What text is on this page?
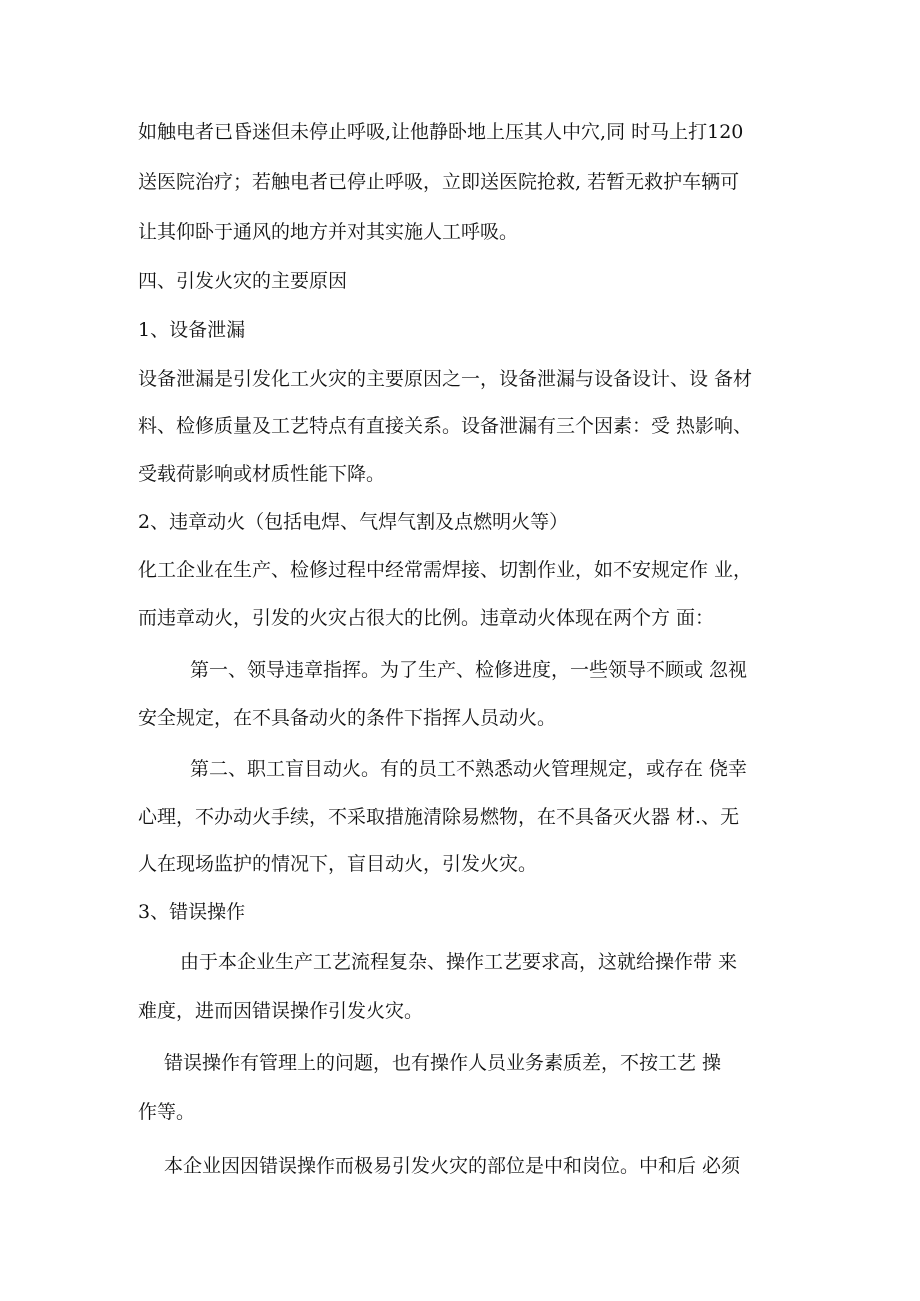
如触电者已昏迷但未停止呼吸,让他静卧地上压其人中穴,同 时马上打120
送医院治疗；若触电者已停止呼吸，立即送医院抢救, 若暂无救护车辆可
让其仰卧于通风的地方并对其实施人工呼吸。
四、引发火灾的主要原因
1、设备泄漏
设备泄漏是引发化工火灾的主要原因之一，设备泄漏与设备设计、设 备材
料、检修质量及工艺特点有直接关系。设备泄漏有三个因素：受 热影响、
受载荷影响或材质性能下降。
2、违章动火（包括电焊、气焊气割及点燃明火等）
化工企业在生产、检修过程中经常需焊接、切割作业，如不安规定作 业，
而违章动火，引发的火灾占很大的比例。违章动火体现在两个方 面：
第一、领导违章指挥。为了生产、检修进度，一些领导不顾或 忽视
安全规定，在不具备动火的条件下指挥人员动火。
第二、职工盲目动火。有的员工不熟悉动火管理规定，或存在 侥幸
心理，不办动火手续，不采取措施清除易燃物，在不具备灭火器 材.、无
人在现场监护的情况下，盲目动火，引发火灾。
3、错误操作
由于本企业生产工艺流程复杂、操作工艺要求高，这就给操作带 来
难度，进而因错误操作引发火灾。
错误操作有管理上的问题，也有操作人员业务素质差，不按工艺 操
作等。
本企业因因错误操作而极易引发火灾的部位是中和岗位。中和后 必须
